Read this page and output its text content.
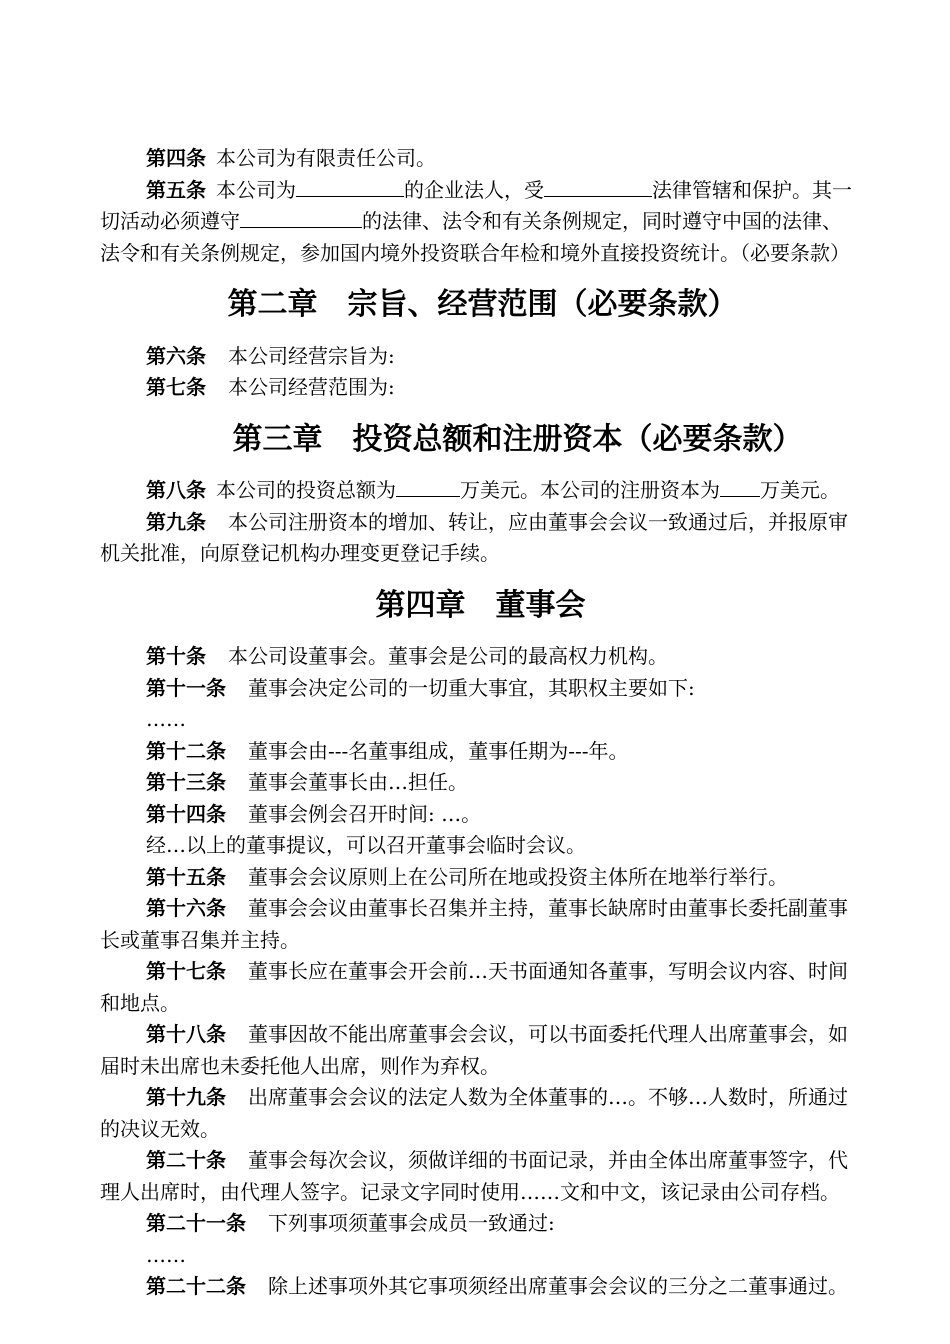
第四条 本公司为有限责任公司。

第五条 本公司为	的企业法人，受	法律管辖和保护。其一切活动必须遵守	的法律、法令和有关条例规定，同时遵守中国的法律、法令和有关条例规定，参加国内境外投资联合年检和境外直接投资统计。（必要条款）

第二章　宗旨、经营范围（必要条款）

第六条 本公司经营宗旨为:

第七条 本公司经营范围为:

第三章　投资总额和注册资本（必要条款）

第八条 本公司的投资总额为	万美元。本公司的注册资本为 万美元。

第九条 本公司注册资本的增加、转让，应由董事会会议一致通过后，并报原审机关批准，向原登记机构办理变更登记手续。

第四章　董事会

第十条 本公司设董事会。董事会是公司的最高权力机构。

第十一条 董事会决定公司的一切重大事宜，其职权主要如下:

……

第十二条 董事会由---名董事组成，董事任期为---年。

第十三条 董事会董事长由…担任。

第十四条 董事会例会召开时间: …。

经…以上的董事提议，可以召开董事会临时会议。

第十五条 董事会会议原则上在公司所在地或投资主体所在地举行举行。

第十六条 董事会会议由董事长召集并主持，董事长缺席时由董事长委托副董事长或董事召集并主持。

第十七条 董事长应在董事会开会前…天书面通知各董事，写明会议内容、时间和地点。

第十八条 董事因故不能出席董事会会议，可以书面委托代理人出席董事会，如届时未出席也未委托他人出席，则作为弃权。

第十九条 出席董事会会议的法定人数为全体董事的…。不够…人数时，所通过的决议无效。

第二十条 董事会每次会议，须做详细的书面记录，并由全体出席董事签字，代理人出席时，由代理人签字。记录文字同时使用……文和中文，该记录由公司存档。

第二十一条 下列事项须董事会成员一致通过:

……

第二十二条 除上述事项外其它事项须经出席董事会会议的三分之二董事通过。
